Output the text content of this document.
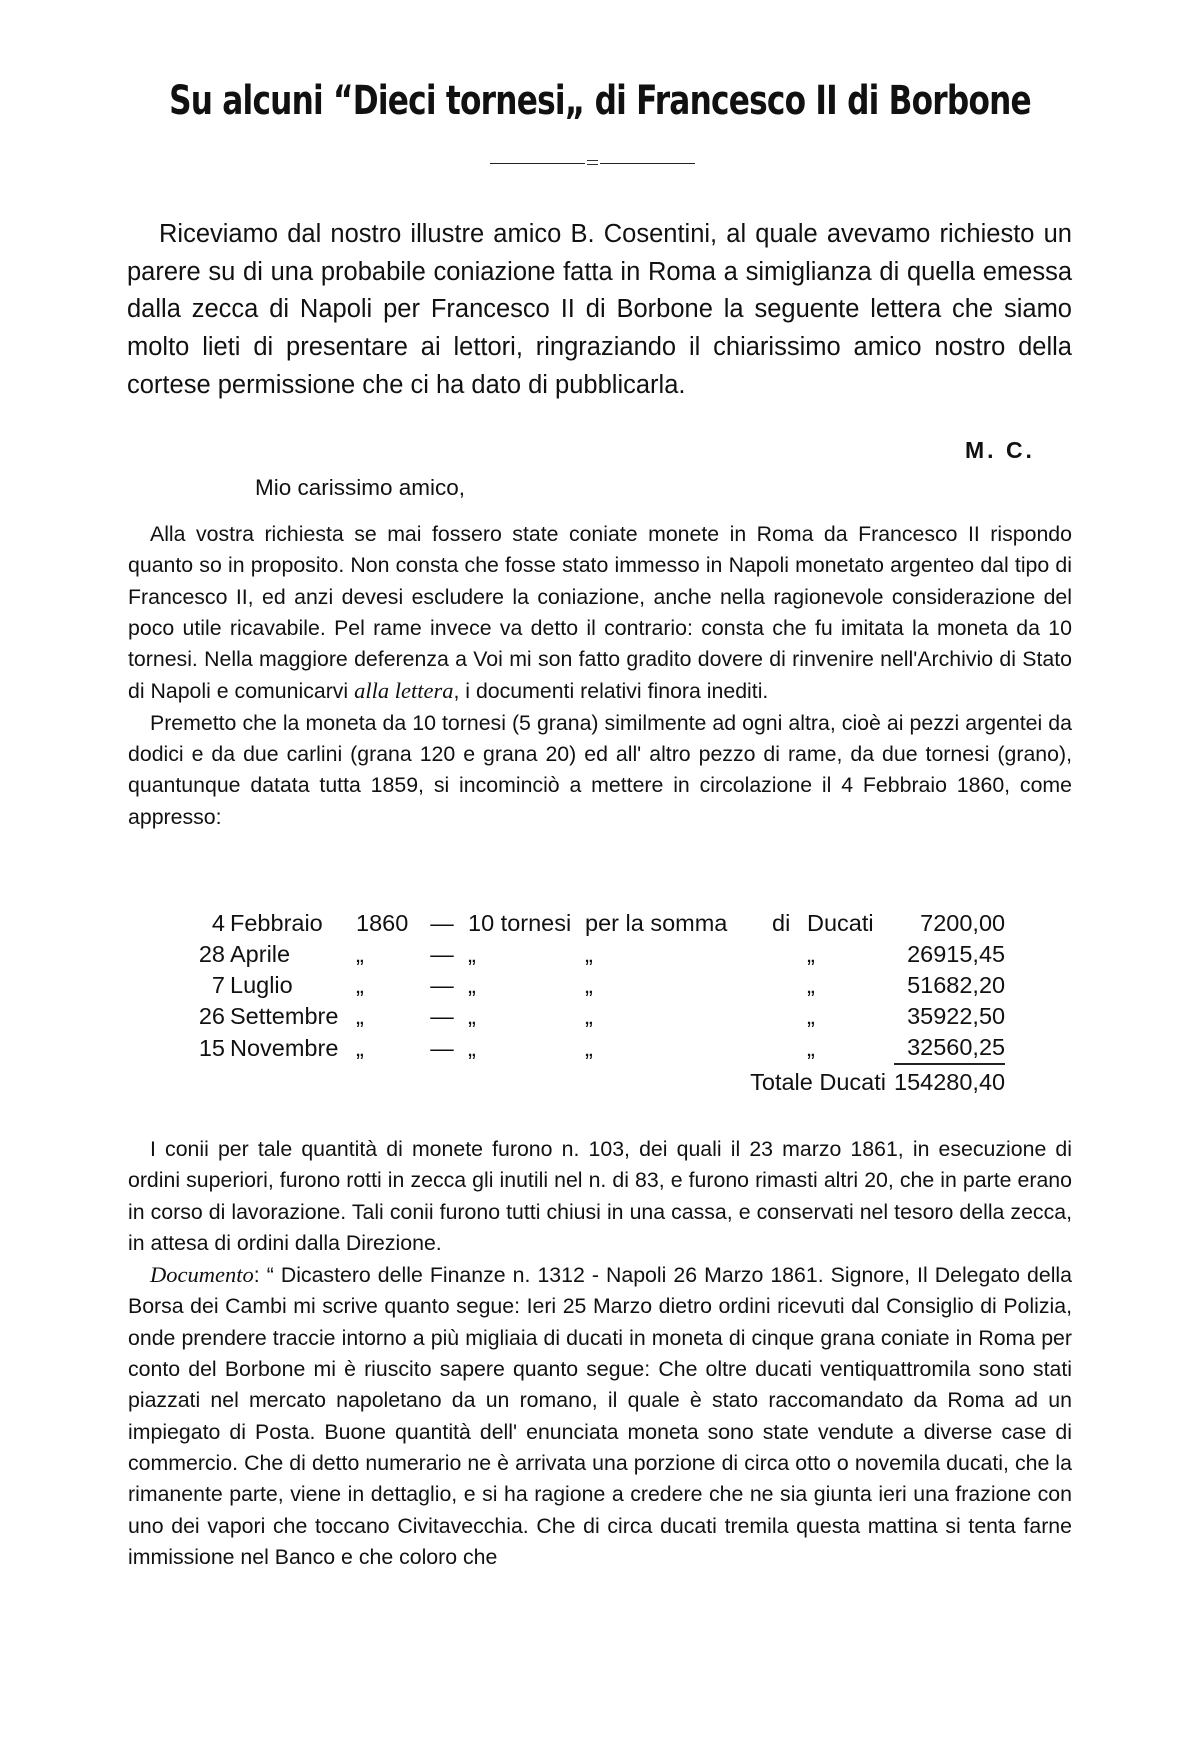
Su alcuni “Dieci tornesi„ di Francesco II di Borbone

Riceviamo dal nostro illustre amico B. Cosentini, al quale avevamo richiesto un parere su di una probabile coniazione fatta in Roma a simiglianza di quella emessa dalla zecca di Napoli per Francesco II di Borbone la seguente lettera che siamo molto lieti di presentare ai lettori, ringraziando il chiarissimo amico nostro della cortese permissione che ci ha dato di pubblicarla.

M. C.
Mio carissimo amico,

Alla vostra richiesta se mai fossero state coniate monete in Roma da Francesco II rispondo quanto so in proposito. Non consta che fosse stato immesso in Napoli monetato argenteo dal tipo di Francesco II, ed anzi devesi escludere la coniazione, anche nella ragionevole considerazione del poco utile ricavabile. Pel rame invece va detto il contrario: consta che fu imitata la moneta da 10 tornesi. Nella maggiore deferenza a Voi mi son fatto gradito dovere di rinvenire nell'Archivio di Stato di Napoli e comunicarvi alla lettera, i documenti relativi finora inediti.

Premetto che la moneta da 10 tornesi (5 grana) similmente ad ogni altra, cioè ai pezzi argentei da dodici e da due carlini (grana 120 e grana 20) ed all' altro pezzo di rame, da due tornesi (grano), quantunque datata tutta 1859, si incominciò a mettere in circolazione il 4 Febbraio 1860, come appresso:

4	Febbraio	1860	—	10 tornesi	per la somma	di	Ducati	7200,00
28	Aprile	„	—	„	„		„	26915,45
7	Luglio	„	—	„	„		„	51682,20
26	Settembre	„	—	„	„		„	35922,50
15	Novembre	„	—	„	„		„	32560,25
Totale Ducati								154280,40

I conii per tale quantità di monete furono n. 103, dei quali il 23 marzo 1861, in esecuzione di ordini superiori, furono rotti in zecca gli inutili nel n. di 83, e furono rimasti altri 20, che in parte erano in corso di lavorazione. Tali conii furono tutti chiusi in una cassa, e conservati nel tesoro della zecca, in attesa di ordini dalla Direzione.

Documento: “ Dicastero delle Finanze n. 1312 - Napoli 26 Marzo 1861. Signore, Il Delegato della Borsa dei Cambi mi scrive quanto segue: Ieri 25 Marzo dietro ordini ricevuti dal Consiglio di Polizia, onde prendere traccie intorno a più migliaia di ducati in moneta di cinque grana coniate in Roma per conto del Borbone mi è riuscito sapere quanto segue: Che oltre ducati ventiquattromila sono stati piazzati nel mercato napoletano da un romano, il quale è stato raccomandato da Roma ad un impiegato di Posta. Buone quantità dell' enunciata moneta sono state vendute a diverse case di commercio. Che di detto numerario ne è arrivata una porzione di circa otto o novemila ducati, che la rimanente parte, viene in dettaglio, e si ha ragione a credere che ne sia giunta ieri una frazione con uno dei vapori che toccano Civitavecchia. Che di circa ducati tremila questa mattina si tenta farne immissione nel Banco e che coloro che
